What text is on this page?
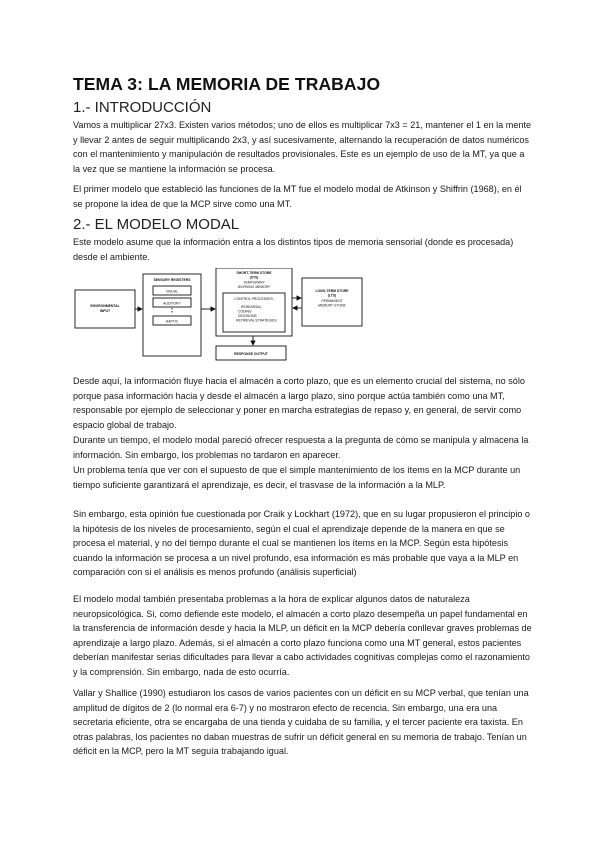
TEMA 3: LA MEMORIA DE TRABAJO
1.- INTRODUCCIÓN

Vamos a multiplicar 27x3. Existen varios métodos; uno de ellos es multiplicar 7x3 = 21, mantener el 1 en la mente y llevar 2 antes de seguir multiplicando 2x3, y así sucesivamente, alternando la recuperación de datos numéricos con el mantenimiento y manipulación de resultados provisionales. Este es un ejemplo de uso de la MT, ya que a la vez que se mantiene la información se procesa.

El primer modelo que estableció las funciones de la MT fue el modelo modal de Atkinson y Shiffrin (1968), en él se propone la idea de que la MCP sirve como una MT.

2.- EL MODELO MODAL

Este modelo asume que la información entra a los distintos tipos de memoria sensorial (donde es procesada) desde el ambiente.

ENVIRONMENTAL
INPUT
SENSORY REGISTERS
VISUAL
AUDITORY
HAPTIC
SHORT-TERM STORE
(STS)
TEMPORARY
WORKING MEMORY
CONTROL PROCESSES:
REHEARSAL
CODING
DECISIONS
RETRIEVAL STRATEGIES
LONG-TERM STORE
(LTS)
PERMANENT
MEMORY STORE
RESPONSE OUTPUT

Desde aquí, la información fluye hacia el almacén a corto plazo, que es un elemento crucial del sistema, no sólo porque pasa información hacia y desde el almacén a largo plazo, sino porque actúa también como una MT, responsable por ejemplo de seleccionar y poner en marcha estrategias de repaso y, en general, de servir como espacio global de trabajo.

Durante un tiempo, el modelo modal pareció ofrecer respuesta a la pregunta de cómo se manipula y almacena la información. Sin embargo, los problemas no tardaron en aparecer.

Un problema tenía que ver con el supuesto de que el simple mantenimiento de los ítems en la MCP durante un tiempo suficiente garantizará el aprendizaje, es decir, el trasvase de la información a la MLP.

Sin embargo, esta opinión fue cuestionada por Craik y Lockhart (1972), que en su lugar propusieron el principio o la hipótesis de los niveles de procesamiento, según el cual el aprendizaje depende de la manera en que se procesa el material, y no del tiempo durante el cual se mantienen los ítems en la MCP. Según esta hipótesis cuando la información se procesa a un nivel profundo, esa información es más probable que vaya a la MLP en comparación con si el análisis es menos profundo (análisis superficial)

El modelo modal también presentaba problemas a la hora de explicar algunos datos de naturaleza neuropsicológica. Si, como defiende este modelo, el almacén a corto plazo desempeña un papel fundamental en la transferencia de información desde y hacia la MLP, un déficit en la MCP debería conllevar graves problemas de aprendizaje a largo plazo. Además, si el almacén a corto plazo funciona como una MT general, estos pacientes deberían manifestar serias dificultades para llevar a cabo actividades cognitivas complejas como el razonamiento y la comprensión. Sin embargo, nada de esto ocurría.

Vallar y Shallice (1990) estudiaron los casos de varios pacientes con un déficit en su MCP verbal, que tenían una amplitud de dígitos de 2 (lo normal era 6-7) y no mostraron efecto de recencia. Sin embargo, una era una secretaria eficiente, otra se encargaba de una tienda y cuidaba de su familia, y el tercer paciente era taxista. En otras palabras, los pacientes no daban muestras de sufrir un déficit general en su memoria de trabajo. Tenían un déficit en la MCP, pero la MT seguía trabajando igual.
